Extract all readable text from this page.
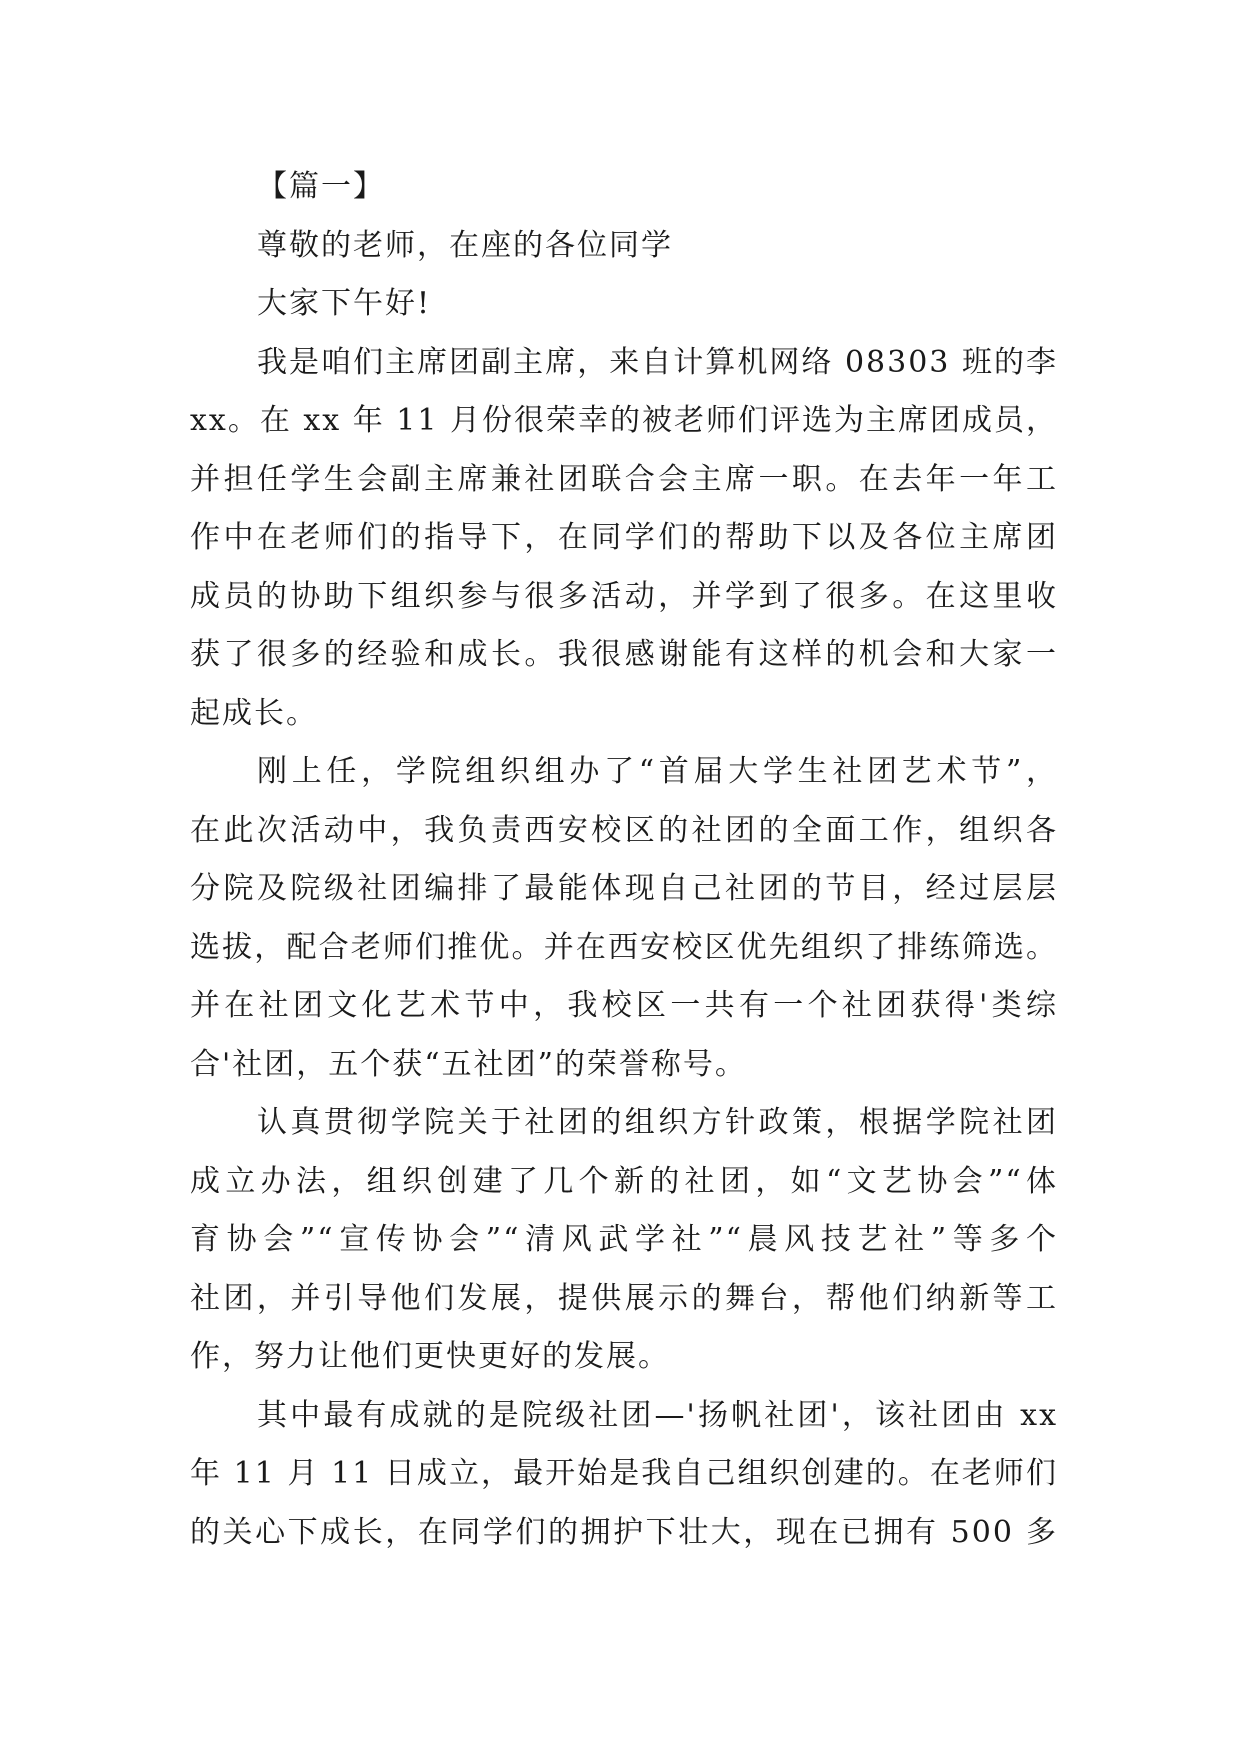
【篇一】
尊敬的老师，在座的各位同学
大家下午好!
我是咱们主席团副主席，来自计算机网络 08303 班的李
xx。在 xx 年 11 月份很荣幸的被老师们评选为主席团成员，
并担任学生会副主席兼社团联合会主席一职。在去年一年工
作中在老师们的指导下，在同学们的帮助下以及各位主席团
成员的协助下组织参与很多活动，并学到了很多。在这里收
获了很多的经验和成长。我很感谢能有这样的机会和大家一
起成长。
刚上任，学院组织组办了“首届大学生社团艺术节”，
在此次活动中，我负责西安校区的社团的全面工作，组织各
分院及院级社团编排了最能体现自己社团的节目，经过层层
选拔，配合老师们推优。并在西安校区优先组织了排练筛选。
并在社团文化艺术节中，我校区一共有一个社团获得'类综
合'社团，五个获“五社团”的荣誉称号。
认真贯彻学院关于社团的组织方针政策，根据学院社团
成立办法，组织创建了几个新的社团，如“文艺协会”“体
育协会”“宣传协会”“清风武学社”“晨风技艺社”等多个
社团，并引导他们发展，提供展示的舞台，帮他们纳新等工
作，努力让他们更快更好的发展。
其中最有成就的是院级社团—'扬帆社团'，该社团由 xx
年 11 月 11 日成立，最开始是我自己组织创建的。在老师们
的关心下成长，在同学们的拥护下壮大，现在已拥有 500 多
